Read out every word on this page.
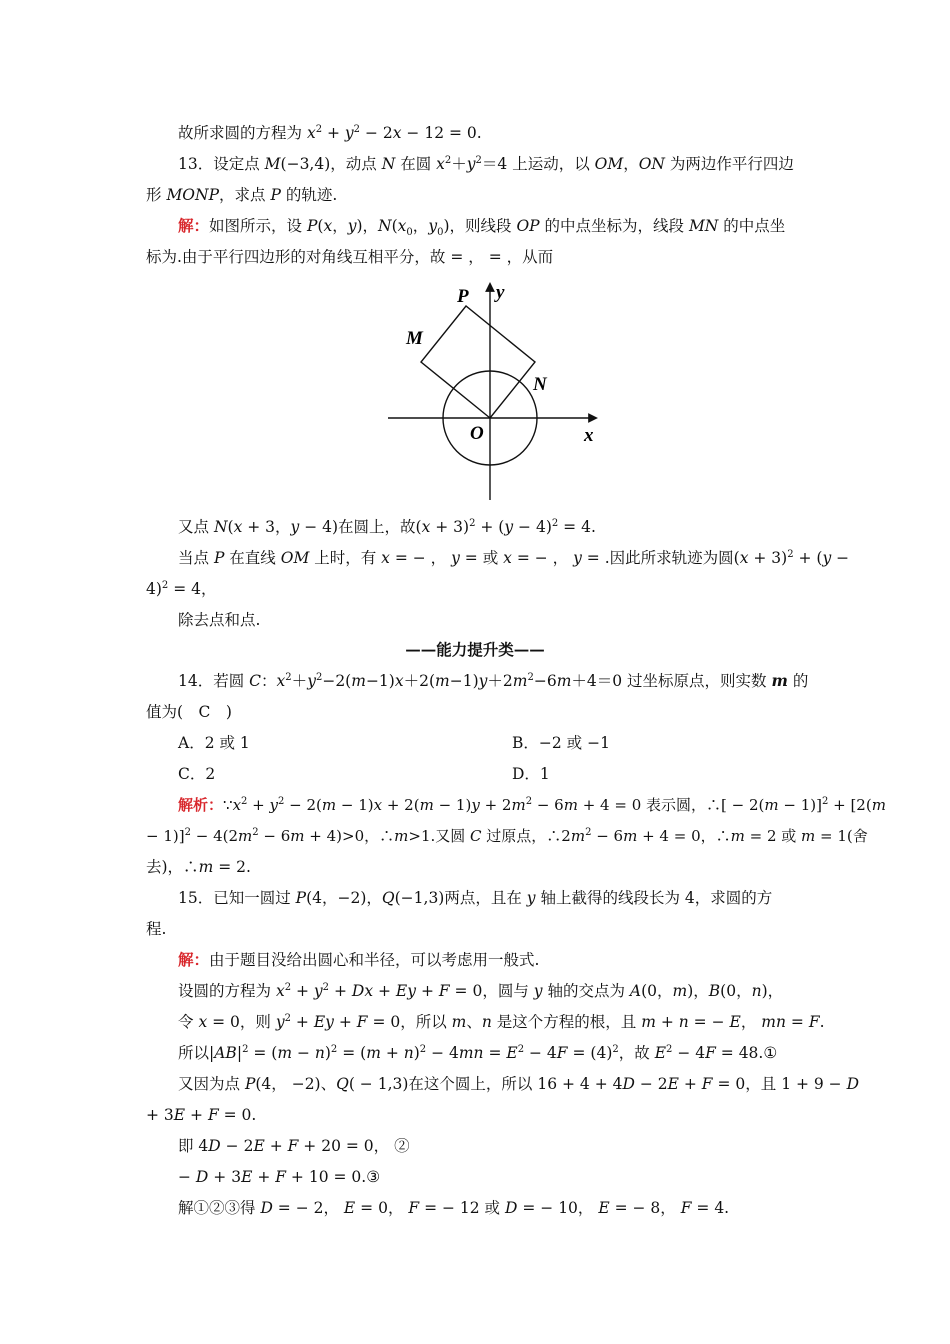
故所求圆的方程为 $x^2 + y^2 - 2x - 12 = 0$.
13．设定点 M(−3,4)，动点 N 在圆 $x^2+y^2=4$ 上运动，以 OM，ON 为两边作平行四边
形 MONP，求点 P 的轨迹.
解：如图所示，设 P(x，y)，$N(x_0$，$y_0$)，则线段 OP 的中点坐标为，线段 MN 的中点坐
标为.由于平行四边形的对角线互相平分，故 = ， = ，从而
P y
M
N
O	x
又点 N(x + 3，y − 4)在圆上，故$(x + 3)^2 + (y - 4)^2 = 4$.
当点 P 在直线 OM 上时，有 x = − ， y = 或 x = − ， y = .因此所求轨迹为圆$(x + 3)^2 + (y$ −
4)$^2$ = 4，
除去点和点.
——能力提升类——
14．若圆 C：$x^2+y^2-2(m-1)x+2(m-1)y+2m^2-6m+4=0$ 过坐标原点，则实数 m 的
值为(　C　)
A．2 或 1	B．−2 或 −1
C．2	D．1
解析：$\because x^2 + y^2 - 2(m - 1)x + 2(m - 1)y + 2m^2 - 6m + 4 = 0$ 表示圆，∴[ − 2(m − 1)]$^2$ + [2(m
− $1)]^2 - 4(2m^2 - 6m + 4)>0$，∴m>1.又圆 C 过原点，$\therefore 2m^2 - 6m + 4 = 0$，∴m = 2 或 m = 1(舍
去)，∴m = 2.
15．已知一圆过 P(4，−2)，Q(−1,3)两点，且在 y 轴上截得的线段长为 4，求圆的方
程.
解：由于题目没给出圆心和半径，可以考虑用一般式.
设圆的方程为 $x^2 + y^2 + Dx + Ey + F = 0$，圆与 y 轴的交点为 A(0，m)，B(0，n)，
令 x = 0，则 $y^2 + Ey + F = 0$，所以 m、n 是这个方程的根，且 m + n = − E， mn = F.
所以$|AB|^2 = (m - n)^2 = (m + n)^2 - 4mn = E^2 - 4F = (4)^2$，故 $E^2 - 4F$ = 48.①
又因为点 P(4， −2)、Q( − 1,3)在这个圆上，所以 16 + 4 + 4D − 2E + F = 0，且 1 + 9 − D
+ 3E + F = 0.
即 4D − 2E + F + 20 = 0， ②
− D + 3E + F + 10 = 0.③
解①②③得 D = − 2， E = 0， F = − 12 或 D = − 10， E = − 8， F = 4.
